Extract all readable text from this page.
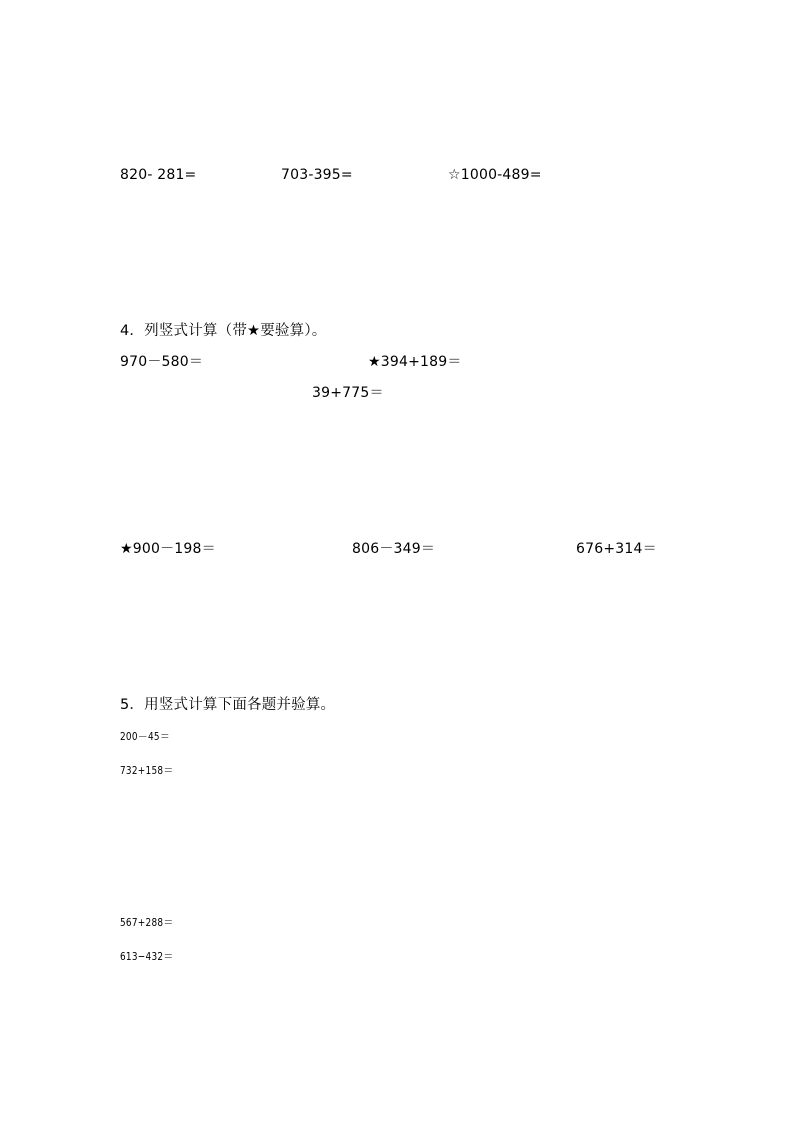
820- 281=	703-395=	☆1000-489=
4．列竖式计算（带★要验算）。
970－580＝	★394+189＝
39+775＝
★900－198＝	806－349＝	676+314＝
5．用竖式计算下面各题并验算。
200－45＝
732+158＝
567+288＝
613−432＝
